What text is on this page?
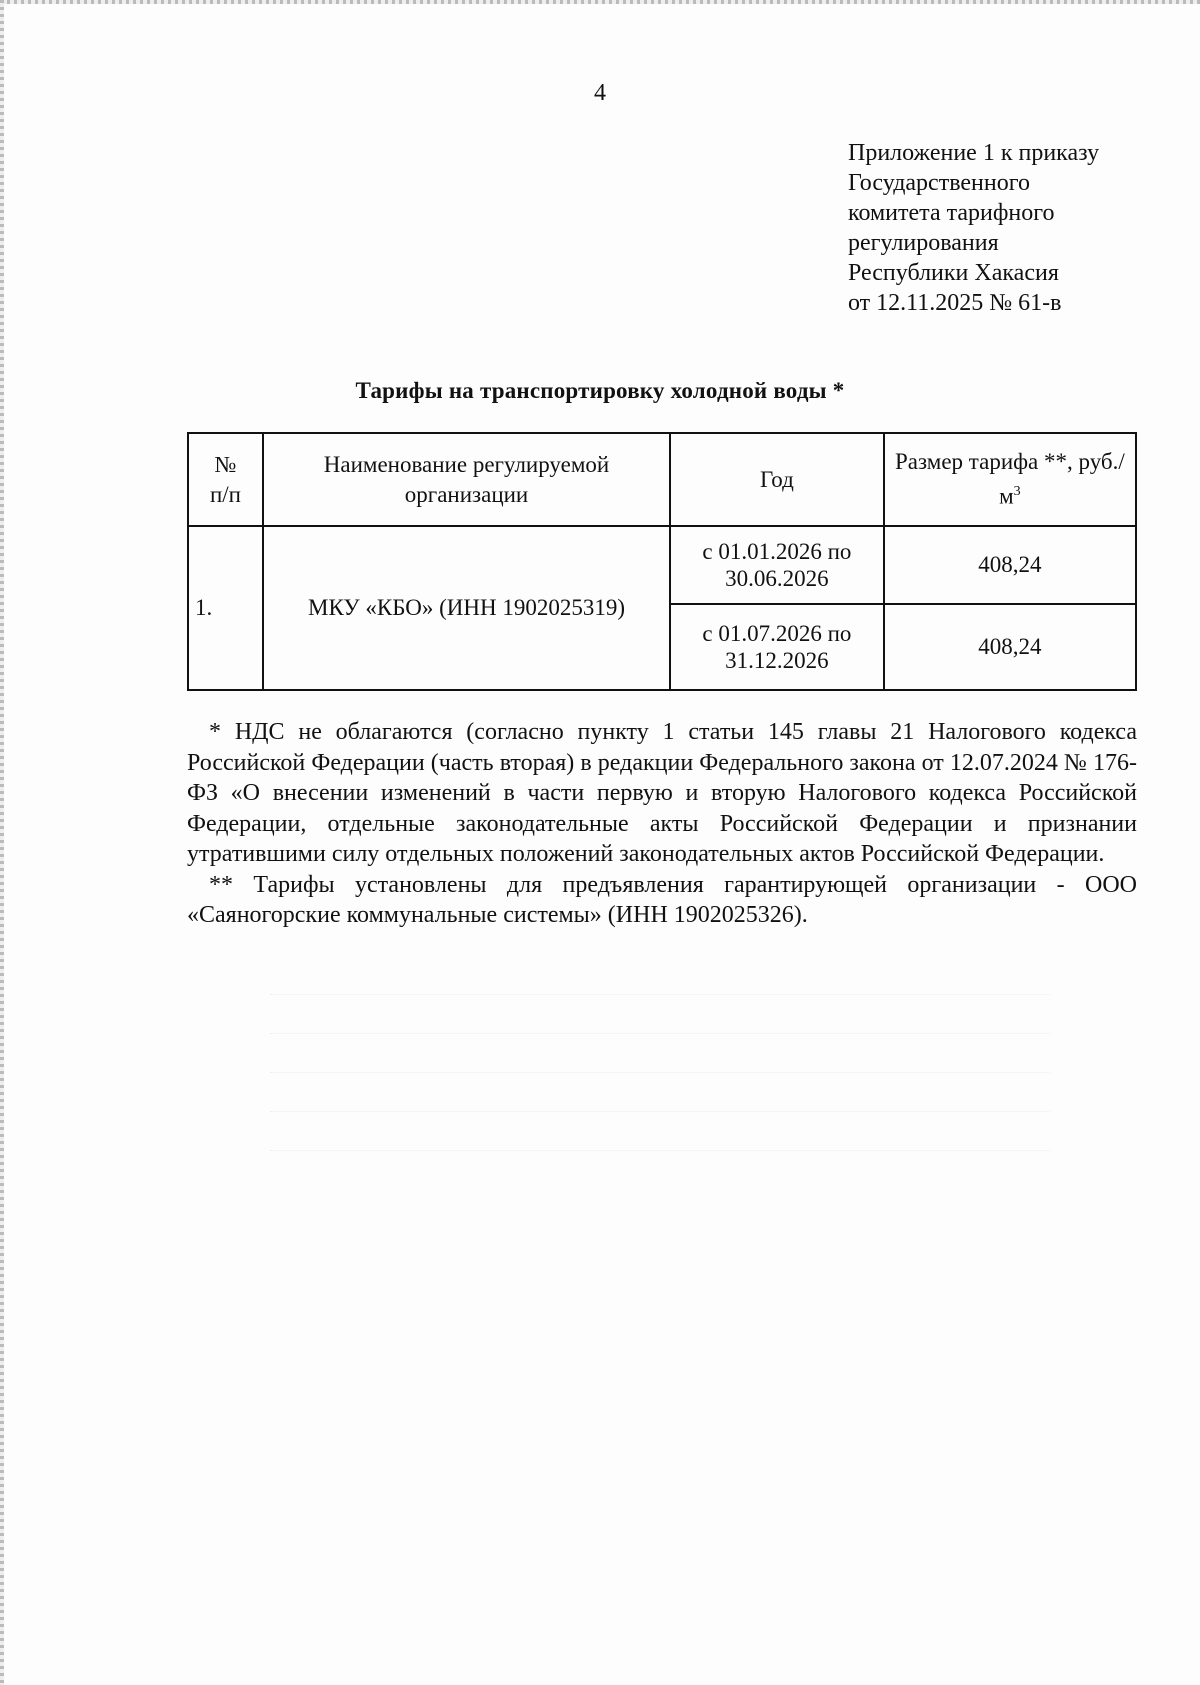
4
Приложение 1 к приказу
Государственного
комитета тарифного
регулирования
Республики Хакасия
от 12.11.2025 № 61-в
Тарифы на транспортировку холодной воды *
№
п/п	Наименование регулируемой организации	Год	Размер тарифа **, $руб./м^3$
1.	МКУ «КБО» (ИНН 1902025319)	с 01.01.2026 по
30.06.2026	408,24
		с 01.07.2026 по
31.12.2026	408,24

* НДС не облагаются (согласно пункту 1 статьи 145 главы 21 Налогового кодекса Российской Федерации (часть вторая) в редакции Федерального закона от 12.07.2024 № 176-ФЗ «О внесении изменений в части первую и вторую Налогового кодекса Российской Федерации, отдельные законодательные акты Российской Федерации и признании утратившими силу отдельных положений законодательных актов Российской Федерации.

** Тарифы установлены для предъявления гарантирующей организации - ООО «Саяногорские коммунальные системы» (ИНН 1902025326).
